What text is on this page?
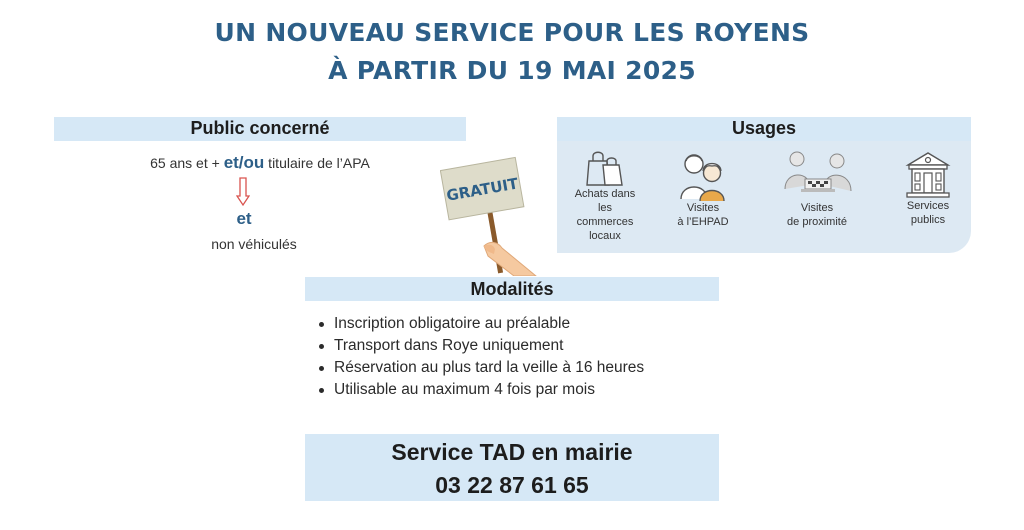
UN NOUVEAU SERVICE POUR LES ROYENS
À PARTIR DU 19 MAI 2025
Public concerné
65 ans et + et/ou titulaire de l’APA
et
non véhiculés
GRATUIT
Usages
Achats dans
les
commerces
locaux
Visites
à l’EHPAD
Visites
de proximité
Services
publics
Modalités
Inscription obligatoire au préalable
Transport dans Roye uniquement
Réservation au plus tard la veille à 16 heures
Utilisable au maximum 4 fois par mois
Service TAD en mairie
03 22 87 61 65
